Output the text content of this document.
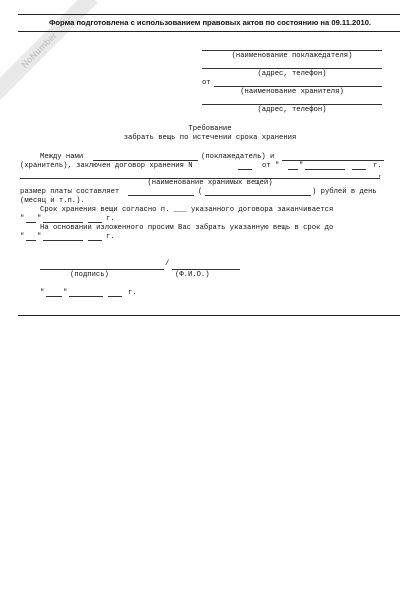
NoNumber
Форма подготовлена с использованием правовых актов по состоянию на 09.11.2010.
(наименование поклажедателя)
(адрес, телефон)
от
(наименование хранителя)
(адрес, телефон)
Требование
забрать вещь по истечении срока хранения
Между нами	(поклажедатель) и
(хранитель), заключен договор хранения N	от "	"	г.
,
(наименование хранимых вещей)
размер платы составляет	(	) рублей в день
(месяц и т.п.).
Срок хранения вещи согласно п. ___ указанного договора заканчивается
" "	г.
На основании изложенного просим Вас забрать указанную вещь в срок до
" "	г.
/
(подпись)	(Ф.И.О.)
"	"	г.
